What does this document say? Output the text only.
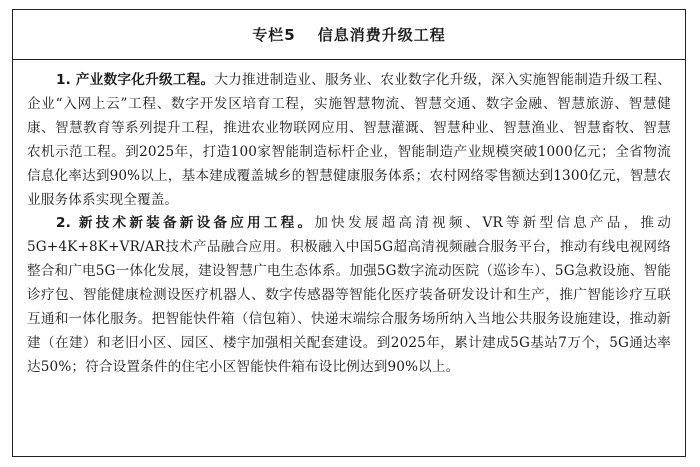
专栏5 信息消费升级工程

1. 产业数字化升级工程。大力推进制造业、服务业、农业数字化升级，深入实施智能制造升级工程、企业“入网上云”工程、数字开发区培育工程，实施智慧物流、智慧交通、数字金融、智慧旅游、智慧健康、智慧教育等系列提升工程，推进农业物联网应用、智慧灌溉、智慧种业、智慧渔业、智慧畜牧、智慧农机示范工程。到2025年，打造100家智能制造标杆企业，智能制造产业规模突破1000亿元；全省物流信息化率达到90%以上，基本建成覆盖城乡的智慧健康服务体系；农村网络零售额达到1300亿元，智慧农业服务体系实现全覆盖。

2. 新技术新装备新设备应用工程。加快发展超高清视频、VR等新型信息产品，推动5G+4K+8K+VR/AR技术产品融合应用。积极融入中国5G超高清视频融合服务平台，推动有线电视网络整合和广电5G一体化发展，建设智慧广电生态体系。加强5G数字流动医院（巡诊车）、5G急救设施、智能诊疗包、智能健康检测设医疗机器人、数字传感器等智能化医疗装备研发设计和生产，推广智能诊疗互联互通和一体化服务。把智能快件箱（信包箱）、快递末端综合服务场所纳入当地公共服务设施建设，推动新建（在建）和老旧小区、园区、楼宇加强相关配套建设。到2025年，累计建成5G基站7万个，5G通达率达50%；符合设置条件的住宅小区智能快件箱布设比例达到90%以上。
